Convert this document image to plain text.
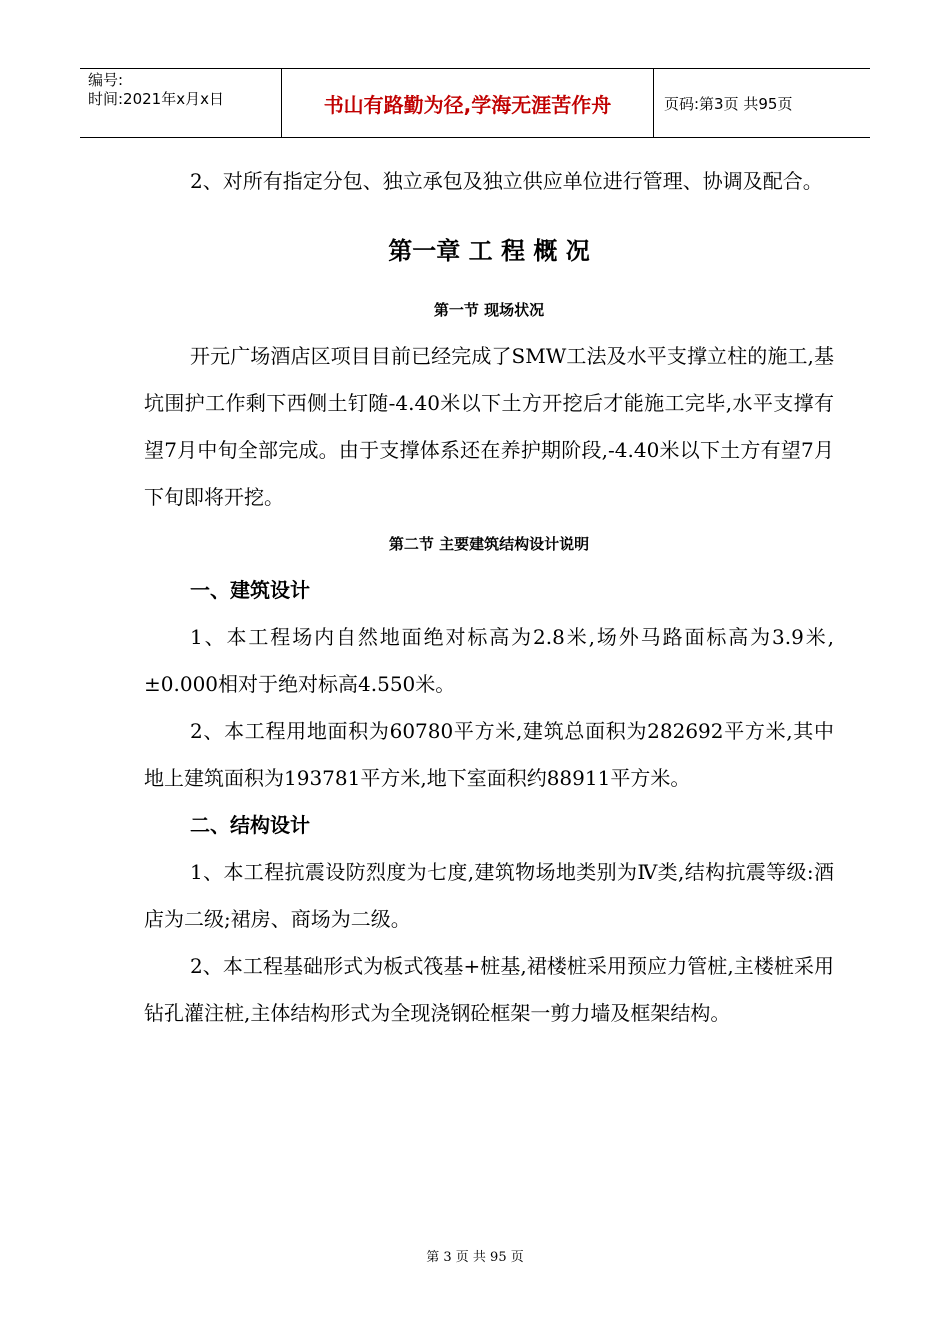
编号:
时间:2021年x月x日	书山有路勤为径,学海无涯苦作舟	页码:第3页 共95页

2、对所有指定分包、独立承包及独立供应单位进行管理、协调及配合。

第一章 工 程 概 况
第一节 现场状况

开元广场酒店区项目目前已经完成了SMW工法及水平支撑立柱的施工,基坑围护工作剩下西侧土钉随-4.40米以下土方开挖后才能施工完毕,水平支撑有望7月中旬全部完成。由于支撑体系还在养护期阶段,-4.40米以下土方有望7月下旬即将开挖。

第二节 主要建筑结构设计说明

一、建筑设计

1、本工程场内自然地面绝对标高为2.8米,场外马路面标高为3.9米,±0.000相对于绝对标高4.550米。

2、本工程用地面积为60780平方米,建筑总面积为282692平方米,其中地上建筑面积为193781平方米,地下室面积约88911平方米。

二、结构设计

1、本工程抗震设防烈度为七度,建筑物场地类别为Ⅳ类,结构抗震等级:酒店为二级;裙房、商场为二级。

2、本工程基础形式为板式筏基+桩基,裙楼桩采用预应力管桩,主楼桩采用钻孔灌注桩,主体结构形式为全现浇钢砼框架一剪力墙及框架结构。

第 3 页 共 95 页
